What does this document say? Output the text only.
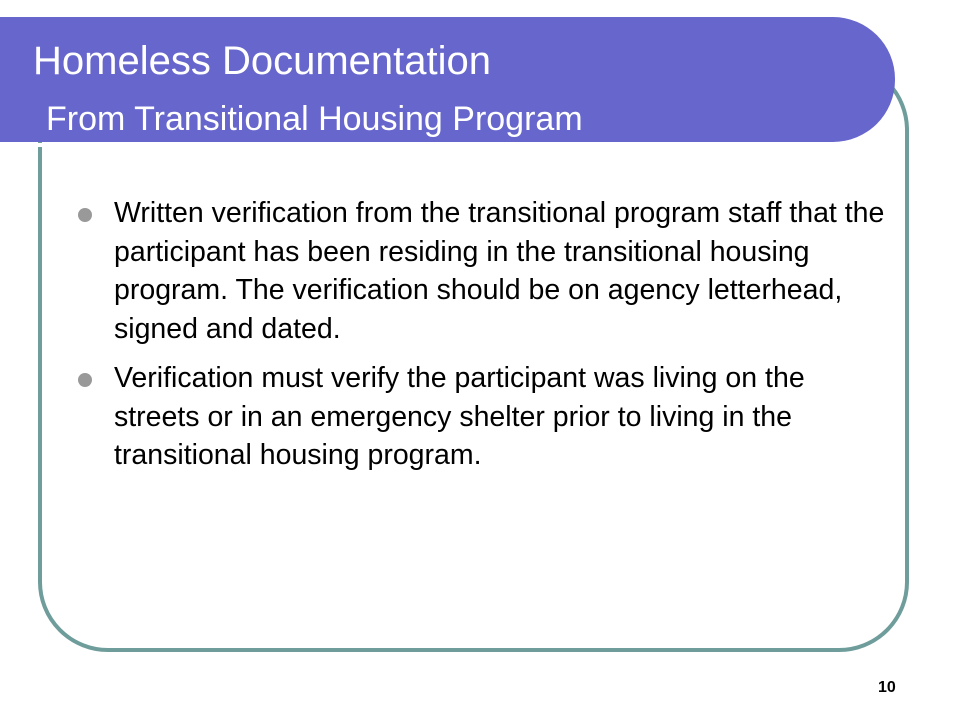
Homeless Documentation
From Transitional Housing Program
Written verification from the transitional program staff that the participant has been residing in the transitional housing program. The verification should be on agency letterhead, signed and dated.
Verification must verify the participant was living on the streets or in an emergency shelter prior to living in the transitional housing program.
10
